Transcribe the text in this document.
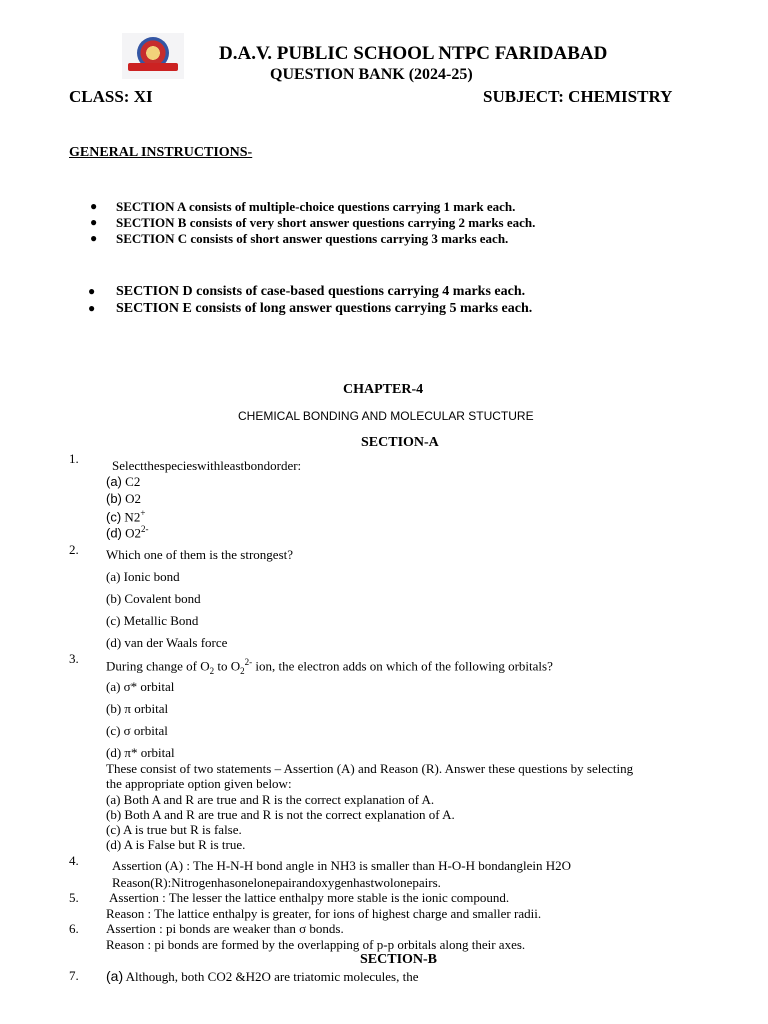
D.A.V. PUBLIC SCHOOL NTPC FARIDABAD
QUESTION BANK (2024-25)
CLASS: XI	SUBJECT: CHEMISTRY
GENERAL INSTRUCTIONS-
● SECTION A consists of multiple-choice questions carrying 1 mark each.
● SECTION B consists of very short answer questions carrying 2 marks each.
● SECTION C consists of short answer questions carrying 3 marks each.
● SECTION D consists of case-based questions carrying 4 marks each.
● SECTION E consists of long answer questions carrying 5 marks each.
CHAPTER-4
CHEMICAL BONDING AND MOLECULAR STUCTURE
SECTION-A
1.	Selectthespecieswithleastbondorder:
(a) C2
(b) O2
(c) N2+
(d) $O2^{2-}$
2. Which one of them is the strongest?
(a) Ionic bond
(b) Covalent bond
(c) Metallic Bond
(d) van der Waals force
3. During change of $O_2$ to $O_2^{2-}$ ion, the electron adds on which of the following orbitals?
(a) σ* orbital
(b) π orbital
(c) σ orbital
(d) π* orbital
These consist of two statements – Assertion (A) and Reason (R). Answer these questions by selecting
the appropriate option given below:
(a) Both A and R are true and R is the correct explanation of A.
(b) Both A and R are true and R is not the correct explanation of A.
(c) A is true but R is false.
(d) A is False but R is true.
4.	Assertion (A) : The H-N-H bond angle in NH3 is smaller than H-O-H bondanglein H2O
Reason(R):Nitrogenhasonelonepairandoxygenhastwolonepairs.
5. Assertion : The lesser the lattice enthalpy more stable is the ionic compound.
Reason : The lattice enthalpy is greater, for ions of highest charge and smaller radii.
6. Assertion : pi bonds are weaker than σ bonds.
Reason : pi bonds are formed by the overlapping of p-p orbitals along their axes.
SECTION-B
7. (a) Although, both CO2 &H2O are triatomic molecules, the
